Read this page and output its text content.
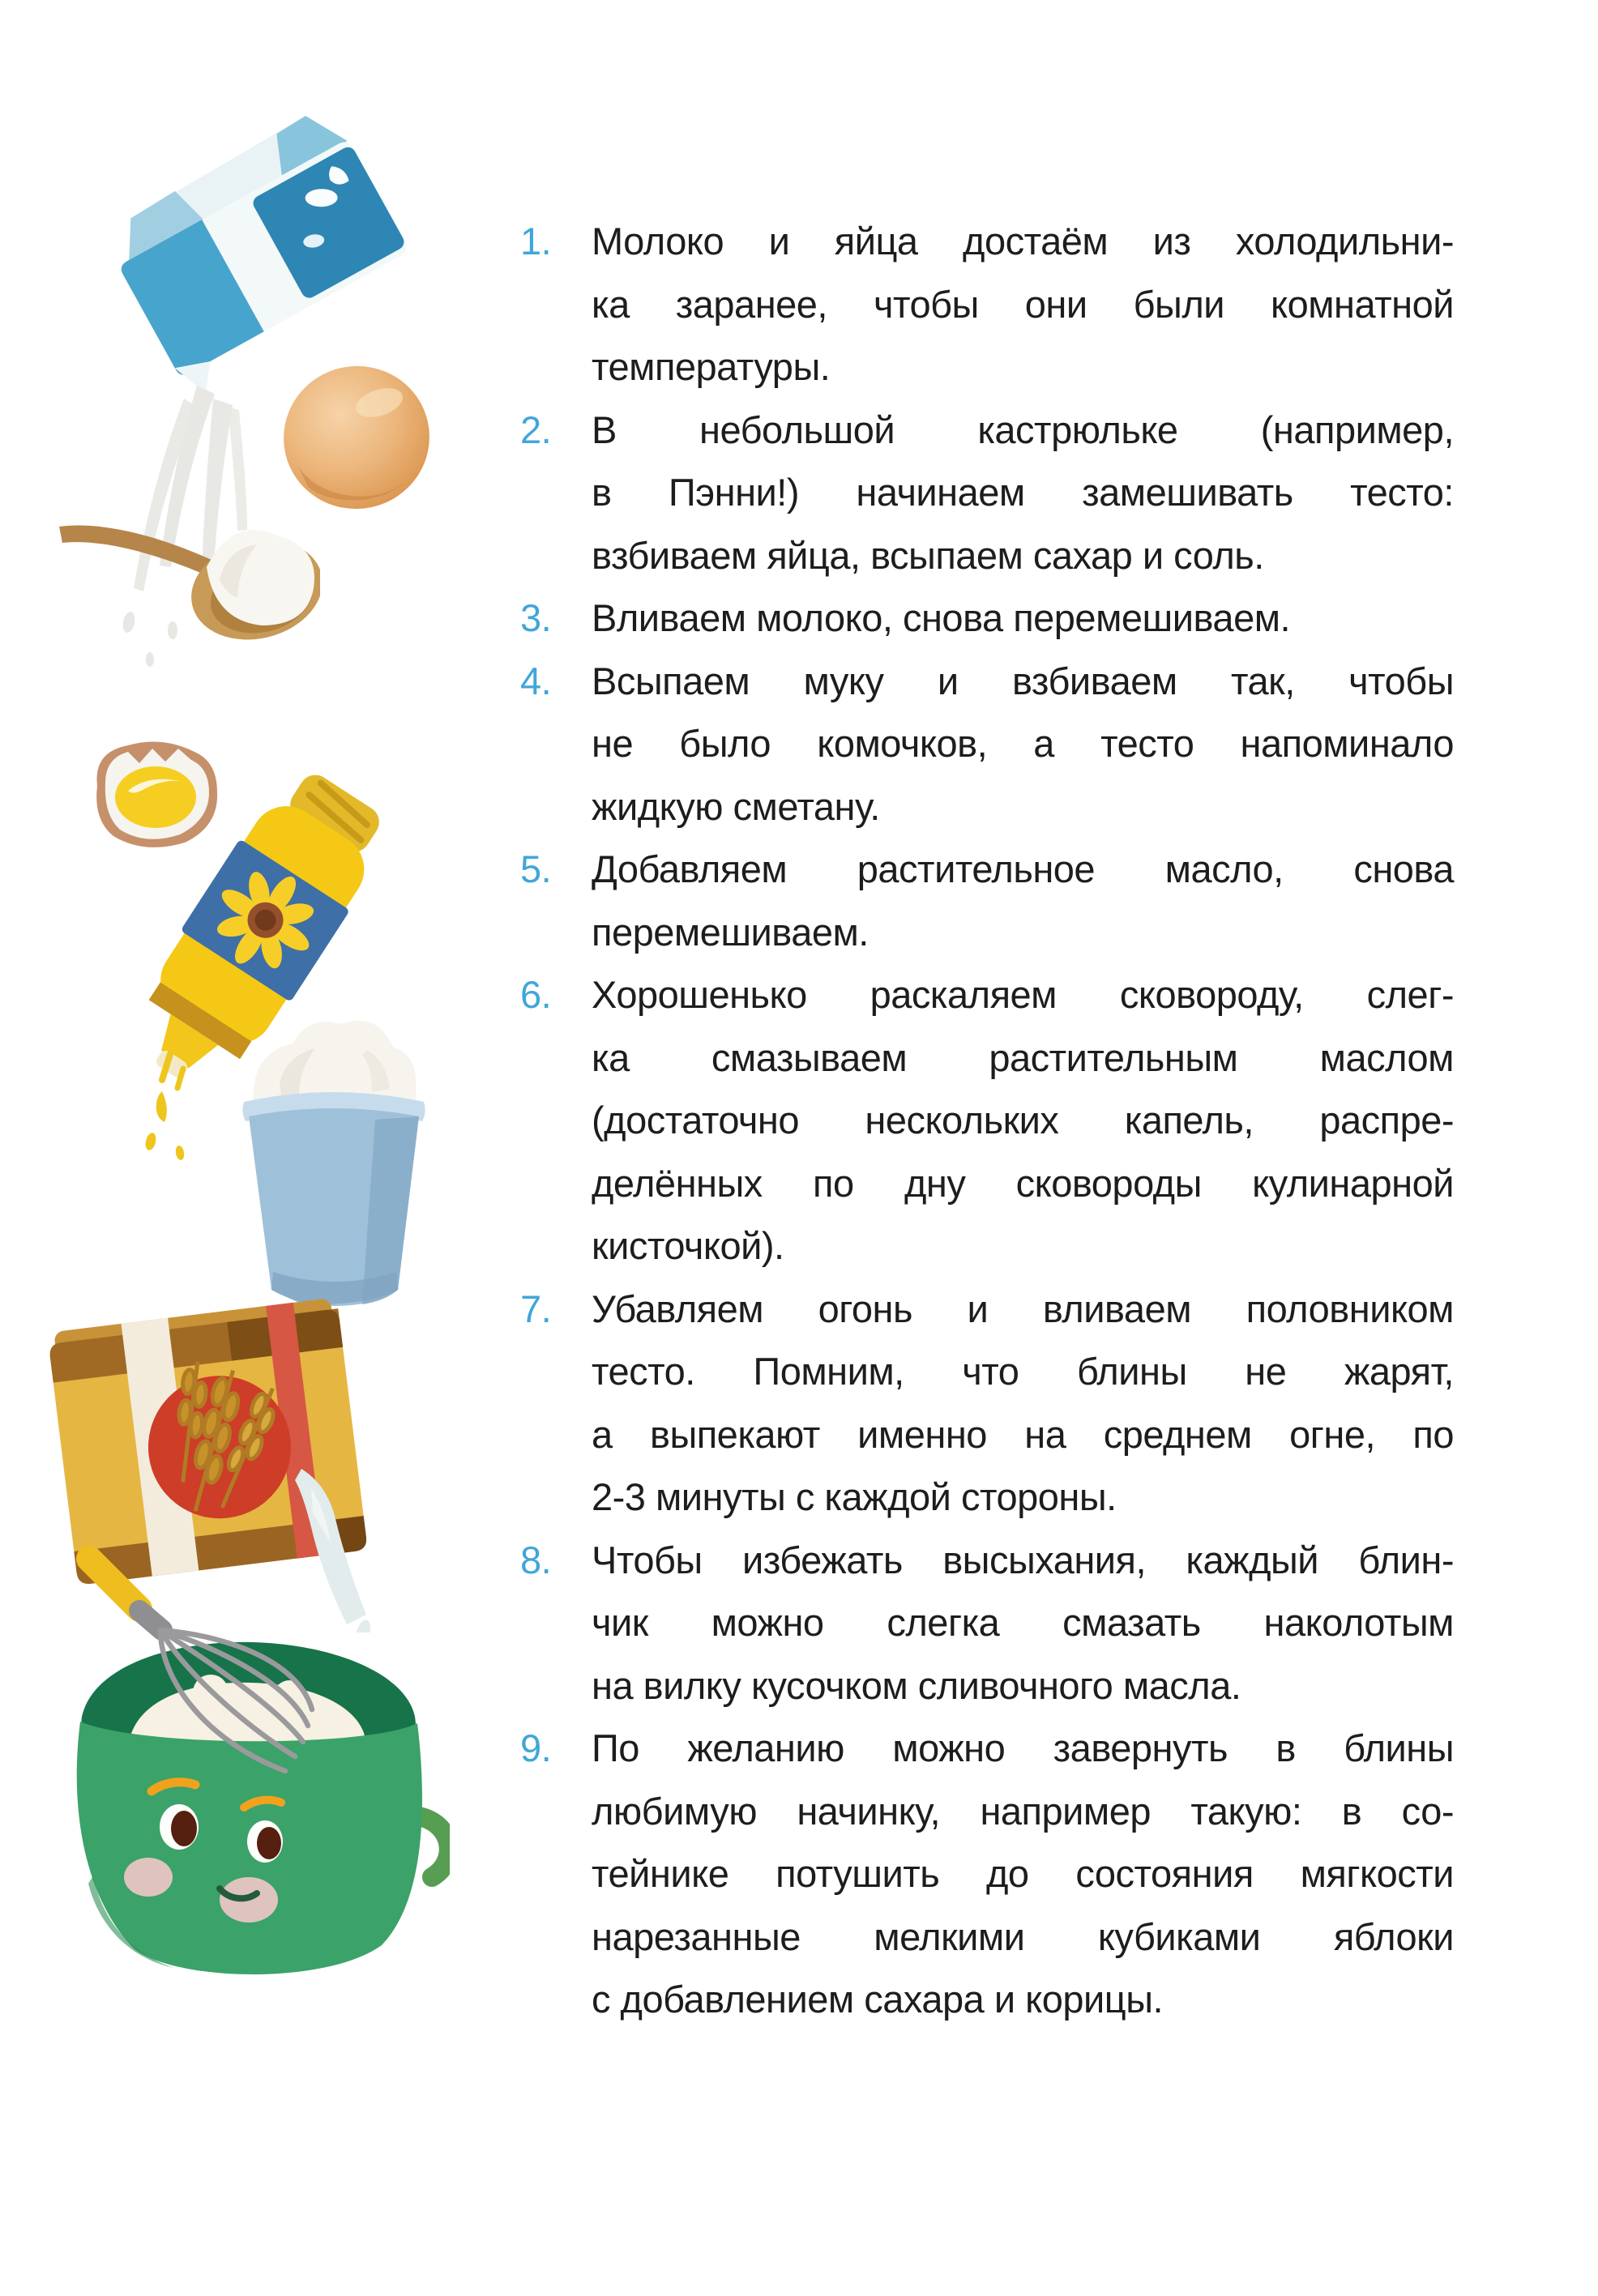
1.	Молоко и яйца достаём из холодильни-
ка заранее, чтобы они были комнатной
температуры.
2.	В небольшой кастрюльке (например,
в Пэнни!) начинаем замешивать тесто:
взбиваем яйца, всыпаем сахар и соль.
3.	Вливаем молоко, снова перемешиваем.
4.	Всыпаем муку и взбиваем так, чтобы
не было комочков, а тесто напоминало
жидкую сметану.
5.	Добавляем растительное масло, снова
перемешиваем.
6.	Хорошенько раскаляем сковороду, слег-
ка смазываем растительным маслом
(достаточно нескольких капель, распре-
делённых по дну сковороды кулинарной
кисточкой).
7.	Убавляем огонь и вливаем половником
тесто. Помним, что блины не жарят,
а выпекают именно на среднем огне, по
2-3 минуты с каждой стороны.
8.	Чтобы избежать высыхания, каждый блин-
чик можно слегка смазать наколотым
на вилку кусочком сливочного масла.
9.	По желанию можно завернуть в блины
любимую начинку, например такую: в со-
тейнике потушить до состояния мягкости
нарезанные мелкими кубиками яблоки
с добавлением сахара и корицы.
